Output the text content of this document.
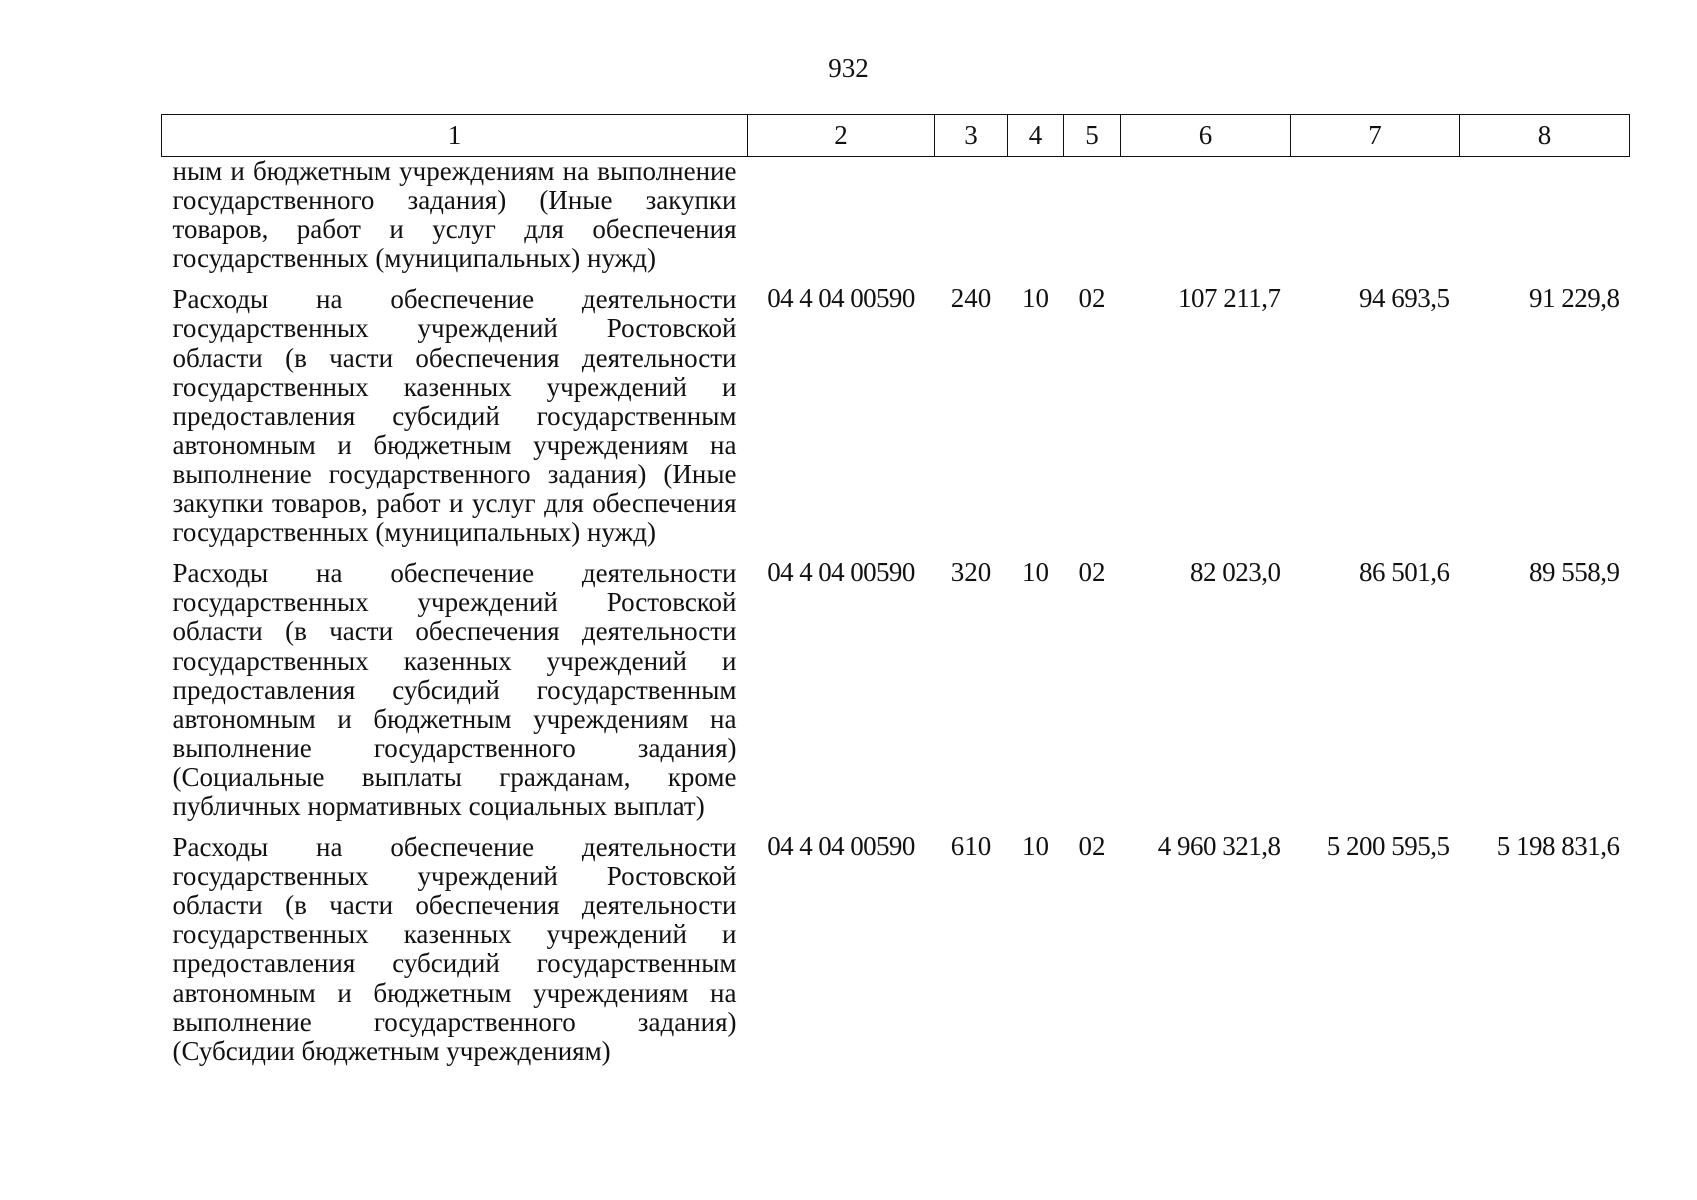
932
1	2	3	4	5	6	7	8
ным и бюджетным учреждениям на выполнение государственного задания) (Иные закупки товаров, работ и услуг для обеспечения государственных (муниципальных) нужд)							
Расходы на обеспечение деятельности государственных учреждений Ростовской области (в части обеспечения деятельности государственных казенных учреждений и предоставления субсидий государственным автономным и бюджетным учреждениям на выполнение государственного задания) (Иные закупки товаров, работ и услуг для обеспечения государственных (муниципальных) нужд)	04 4 04 00590	240	10	02	107 211,7	94 693,5	91 229,8
Расходы на обеспечение деятельности государственных учреждений Ростовской области (в части обеспечения деятельности государственных казенных учреждений и предоставления субсидий государственным автономным и бюджетным учреждениям на выполнение государственного задания) (Социальные выплаты гражданам, кроме публичных нормативных социальных выплат)	04 4 04 00590	320	10	02	82 023,0	86 501,6	89 558,9
Расходы на обеспечение деятельности государственных учреждений Ростовской области (в части обеспечения деятельности государственных казенных учреждений и предоставления субсидий государственным автономным и бюджетным учреждениям на выполнение государственного задания) (Субсидии бюджетным учреждениям)	04 4 04 00590	610	10	02	4 960 321,8	5 200 595,5	5 198 831,6
